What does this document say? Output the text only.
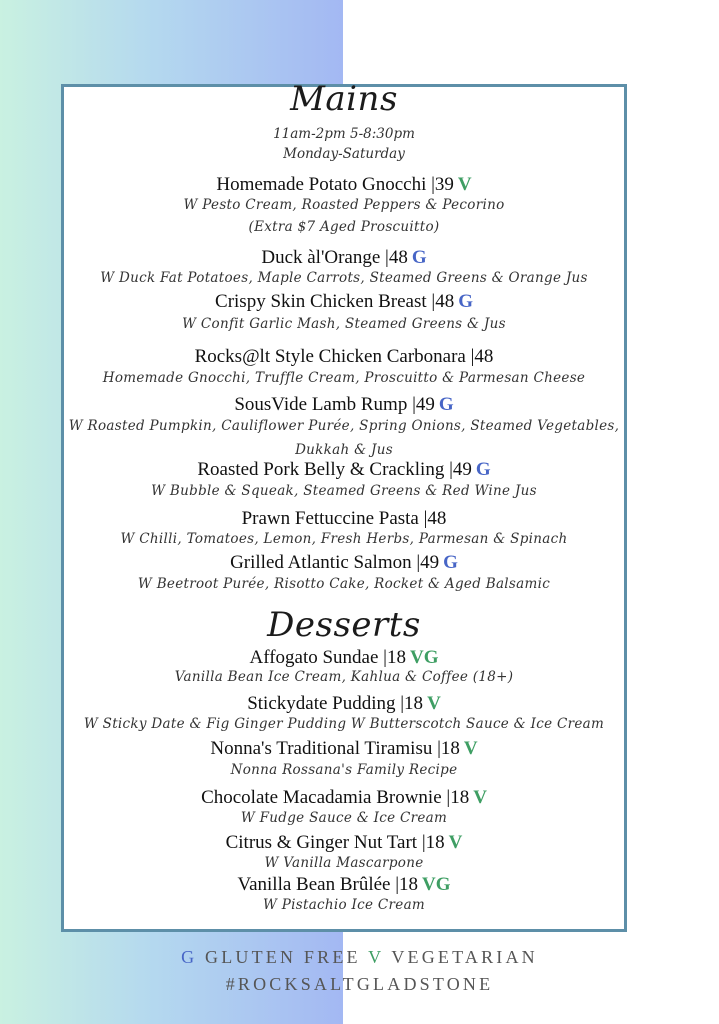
Mains
11am-2pm 5-8:30pm
Monday-Saturday
Homemade Potato Gnocchi |39 V
W Pesto Cream, Roasted Peppers & Pecorino
(Extra $7 Aged Proscuitto)
Duck àl'Orange |48 G
W Duck Fat Potatoes, Maple Carrots, Steamed Greens & Orange Jus
Crispy Skin Chicken Breast |48 G
W Confit Garlic Mash, Steamed Greens & Jus
Rocks@lt Style Chicken Carbonara |48
Homemade Gnocchi, Truffle Cream, Proscuitto & Parmesan Cheese
SousVide Lamb Rump |49 G
W Roasted Pumpkin, Cauliflower Purée, Spring Onions, Steamed Vegetables,
Dukkah & Jus
Roasted Pork Belly & Crackling |49 G
W Bubble & Squeak, Steamed Greens & Red Wine Jus
Prawn Fettuccine Pasta |48
W Chilli, Tomatoes, Lemon, Fresh Herbs, Parmesan & Spinach
Grilled Atlantic Salmon |49 G
W Beetroot Purée, Risotto Cake, Rocket & Aged Balsamic
Desserts
Affogato Sundae |18 VG
Vanilla Bean Ice Cream, Kahlua & Coffee (18+)
Stickydate Pudding |18 V
W Sticky Date & Fig Ginger Pudding W Butterscotch Sauce & Ice Cream
Nonna's Traditional Tiramisu |18 V
Nonna Rossana's Family Recipe
Chocolate Macadamia Brownie |18 V
W Fudge Sauce & Ice Cream
Citrus & Ginger Nut Tart |18 V
W Vanilla Mascarpone
Vanilla Bean Brûlée |18 VG
W Pistachio Ice Cream
G GLUTEN FREE V VEGETARIAN
#ROCKSALTGLADSTONE
